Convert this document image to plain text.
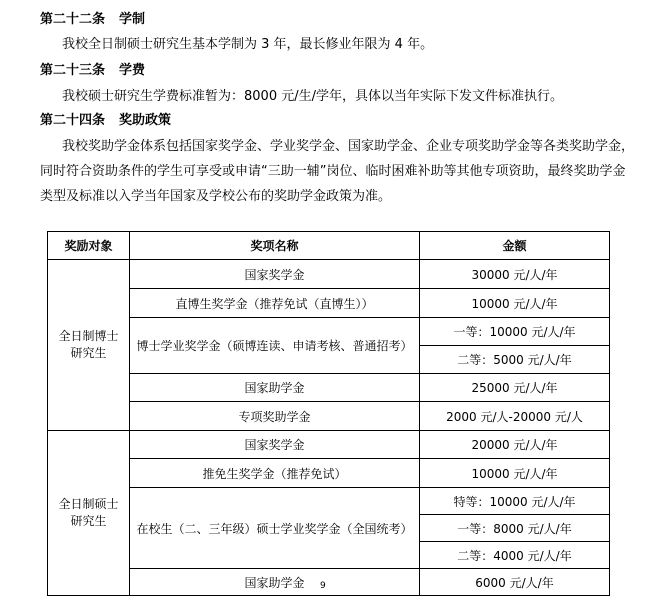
第二十二条 学制
我校全日制硕士研究生基本学制为 3 年，最长修业年限为 4 年。
第二十三条 学费
我校硕士研究生学费标准暂为：8000 元/生/学年，具体以当年实际下发文件标准执行。
第二十四条 奖助政策
我校奖助学金体系包括国家奖学金、学业奖学金、国家助学金、企业专项奖助学金等各类奖助学金，
同时符合资助条件的学生可享受或申请“三助一辅”岗位、临时困难补助等其他专项资助，最终奖助学金
类型及标准以入学当年国家及学校公布的奖助学金政策为准。
奖励对象	奖项名称	金额

全日制博士研究生	国家奖学金	30000 元/人/年
	直博生奖学金（推荐免试（直博生））	10000 元/人/年
	博士学业奖学金（硕博连读、申请考核、普通招考）	一等：10000 元/人/年
		二等：5000 元/人/年
	国家助学金	25000 元/人/年
	专项奖助学金	2000 元/人-20000 元/人

全日制硕士研究生	国家奖学金	20000 元/人/年
	推免生奖学金（推荐免试）	10000 元/人/年
	在校生（二、三年级）硕士学业奖学金（全国统考）	特等：10000 元/人/年
		一等：8000 元/人/年
		二等：4000 元/人/年
	国家助学金	6000 元/人/年
9
